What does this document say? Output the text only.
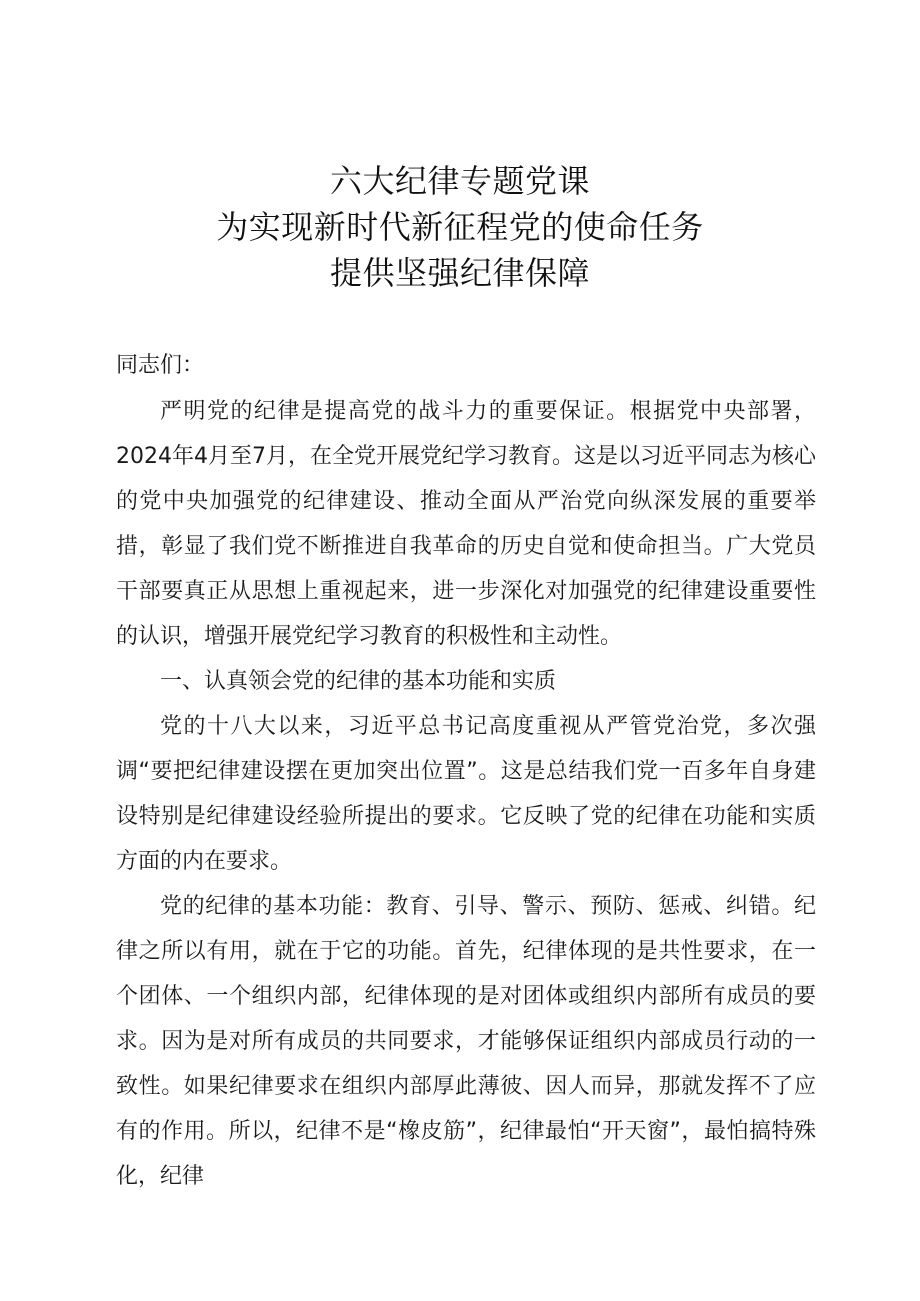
六大纪律专题党课
为实现新时代新征程党的使命任务
提供坚强纪律保障
同志们：

严明党的纪律是提高党的战斗力的重要保证。根据党中央部署，2024年4月至7月，在全党开展党纪学习教育。这是以习近平同志为核心的党中央加强党的纪律建设、推动全面从严治党向纵深发展的重要举措，彰显了我们党不断推进自我革命的历史自觉和使命担当。广大党员干部要真正从思想上重视起来，进一步深化对加强党的纪律建设重要性的认识，增强开展党纪学习教育的积极性和主动性。

一、认真领会党的纪律的基本功能和实质

党的十八大以来，习近平总书记高度重视从严管党治党，多次强调“要把纪律建设摆在更加突出位置”。这是总结我们党一百多年自身建设特别是纪律建设经验所提出的要求。它反映了党的纪律在功能和实质方面的内在要求。

党的纪律的基本功能：教育、引导、警示、预防、惩戒、纠错。纪律之所以有用，就在于它的功能。首先，纪律体现的是共性要求，在一个团体、一个组织内部，纪律体现的是对团体或组织内部所有成员的要求。因为是对所有成员的共同要求，才能够保证组织内部成员行动的一致性。如果纪律要求在组织内部厚此薄彼、因人而异，那就发挥不了应有的作用。所以，纪律不是“橡皮筋”，纪律最怕“开天窗”，最怕搞特殊化，纪律
